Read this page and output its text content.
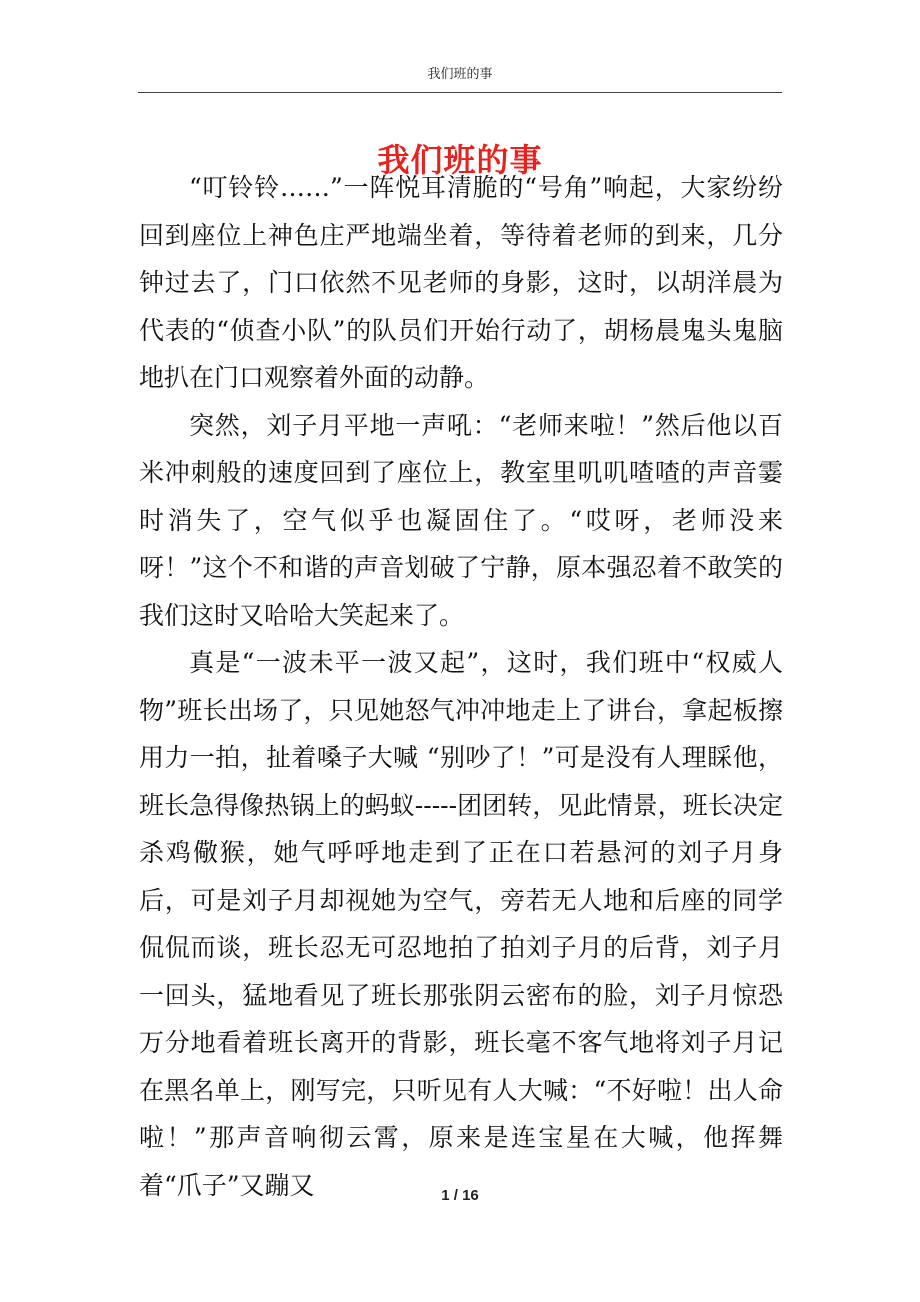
我们班的事
我们班的事

“叮铃铃……”一阵悦耳清脆的“号角”响起，大家纷纷回到座位上神色庄严地端坐着，等待着老师的到来，几分钟过去了，门口依然不见老师的身影，这时，以胡洋晨为代表的“侦查小队”的队员们开始行动了，胡杨晨鬼头鬼脑地扒在门口观察着外面的动静。

突然，刘子月平地一声吼：“老师来啦！”然后他以百米冲刺般的速度回到了座位上，教室里叽叽喳喳的声音霎时消失了，空气似乎也凝固住了。“哎呀，老师没来呀！”这个不和谐的声音划破了宁静，原本强忍着不敢笑的我们这时又哈哈大笑起来了。

真是“一波未平一波又起”，这时，我们班中“权威人物”班长出场了，只见她怒气冲冲地走上了讲台，拿起板擦用力一拍，扯着嗓子大喊 “别吵了！”可是没有人理睬他，班长急得像热锅上的蚂蚁-----团团转，见此情景，班长决定杀鸡儆猴，她气呼呼地走到了正在口若悬河的刘子月身后，可是刘子月却视她为空气，旁若无人地和后座的同学侃侃而谈，班长忍无可忍地拍了拍刘子月的后背，刘子月一回头，猛地看见了班长那张阴云密布的脸，刘子月惊恐万分地看着班长离开的背影，班长毫不客气地将刘子月记在黑名单上，刚写完，只听见有人大喊：“不好啦！出人命啦！”那声音响彻云霄，原来是连宝星在大喊，他挥舞着“爪子”又蹦又	1 / 16
